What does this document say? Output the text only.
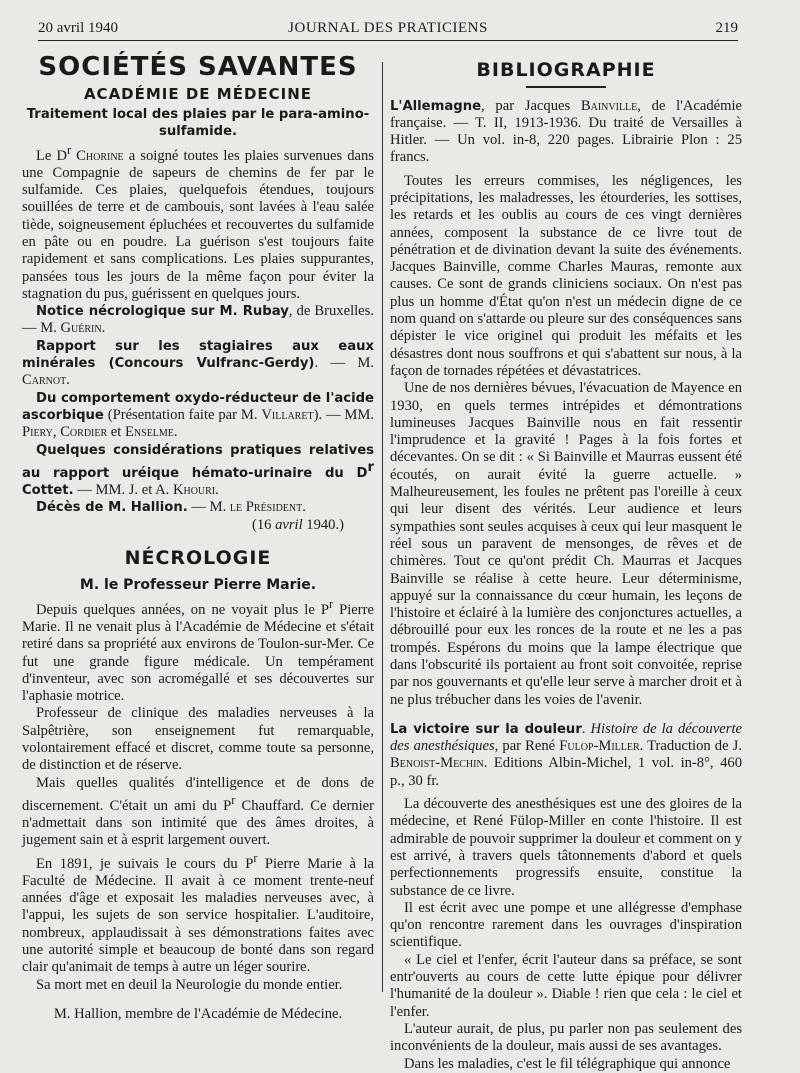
20 avril 1940	JOURNAL DES PRATICIENS	219
SOCIÉTÉS SAVANTES
ACADÉMIE DE MÉDECINE

Traitement local des plaies par le para-amino-sulfamide.

Le $D^r$ Chorine a soigné toutes les plaies survenues dans une Compagnie de sapeurs de chemins de fer par le sulfamide. Ces plaies, quelquefois étendues, toujours souillées de terre et de cambouis, sont lavées à l'eau salée tiède, soigneusement épluchées et recouvertes du sulfamide en pâte ou en poudre. La guérison s'est toujours faite rapidement et sans complications. Les plaies suppurantes, pansées tous les jours de la même façon pour éviter la stagnation du pus, guérissent en quelques jours.

Notice nécrologique sur M. Rubay, de Bruxelles. — M. Guérin.

Rapport sur les stagiaires aux eaux minérales (Concours Vulfranc-Gerdy). — M. Carnot.

Du comportement oxydo-réducteur de l'acide ascorbique (Présentation faite par M. Villaret). — MM. Piery, Cordier et Enselme.

Quelques considérations pratiques relatives au rapport uréique hémato-urinaire du $D^r$ Cottet. — MM. J. et A. Khouri.

Décès de M. Hallion. — M. le Président.

(16 avril 1940.)

NÉCROLOGIE
M. le Professeur Pierre Marie.

Depuis quelques années, on ne voyait plus le $P^r$ Pierre Marie. Il ne venait plus à l'Académie de Médecine et s'était retiré dans sa propriété aux environs de Toulon-sur-Mer. Ce fut une grande figure médicale. Un tempérament d'inventeur, avec son acromégallé et ses découvertes sur l'aphasie motrice.

Professeur de clinique des maladies nerveuses à la Salpêtrière, son enseignement fut remarquable, volontairement effacé et discret, comme toute sa personne, de distinction et de réserve.

Mais quelles qualités d'intelligence et de dons de discernement. C'était un ami du $P^r$ Chauffard. Ce dernier n'admettait dans son intimité que des âmes droites, à jugement sain et à esprit largement ouvert.

En 1891, je suivais le cours du $P^r$ Pierre Marie à la Faculté de Médecine. Il avait à ce moment trente-neuf années d'âge et exposait les maladies nerveuses avec, à l'appui, les sujets de son service hospitalier. L'auditoire, nombreux, applaudissait à ses démonstrations faites avec une autorité simple et beaucoup de bonté dans son regard clair qu'animait de temps à autre un léger sourire.

Sa mort met en deuil la Neurologie du monde entier.

M. Hallion, membre de l'Académie de Médecine.

BIBLIOGRAPHIE

L'Allemagne, par Jacques Bainville, de l'Académie française. — T. II, 1913-1936. Du traité de Versailles à Hitler. — Un vol. in-8, 220 pages. Librairie Plon : 25 francs.

Toutes les erreurs commises, les négligences, les précipitations, les maladresses, les étourderies, les sottises, les retards et les oublis au cours de ces vingt dernières années, composent la substance de ce livre tout de pénétration et de divination devant la suite des événements. Jacques Bainville, comme Charles Mauras, remonte aux causes. Ce sont de grands cliniciens sociaux. On n'est pas plus un homme d'État qu'on n'est un médecin digne de ce nom quand on s'attarde ou pleure sur des conséquences sans dépister le vice originel qui produit les méfaits et les désastres dont nous souffrons et qui s'abattent sur nous, à la façon de tornades répétées et dévastatrices.

Une de nos dernières bévues, l'évacuation de Mayence en 1930, en quels termes intrépides et démontrations lumineuses Jacques Bainville nous en fait ressentir l'imprudence et la gravité ! Pages à la fois fortes et décevantes. On se dit : « Si Bainville et Maurras eussent été écoutés, on aurait évité la guerre actuelle. » Malheureusement, les foules ne prêtent pas l'oreille à ceux qui leur disent des vérités. Leur audience et leurs sympathies sont seules acquises à ceux qui leur masquent le réel sous un paravent de mensonges, de rêves et de chimères. Tout ce qu'ont prédit Ch. Maurras et Jacques Bainville se réalise à cette heure. Leur déterminisme, appuyé sur la connaissance du cœur humain, les leçons de l'histoire et éclairé à la lumière des conjonctures actuelles, a débrouillé pour eux les ronces de la route et ne les a pas trompés. Espérons du moins que la lampe électrique que dans l'obscurité ils portaient au front soit convoitée, reprise par nos gouvernants et qu'elle leur serve à marcher droit et à ne plus trébucher dans les voies de l'avenir.

La victoire sur la douleur. Histoire de la découverte des anesthésiques, par René Fulop-Miller. Traduction de J. Benoist-Mechin. Editions Albin-Michel, 1 vol. in-8°, 460 p., 30 fr.

La découverte des anesthésiques est une des gloires de la médecine, et René Fülop-Miller en conte l'histoire. Il est admirable de pouvoir supprimer la douleur et comment on y est arrivé, à travers quels tâtonnements d'abord et quels perfectionnements progressifs ensuite, constitue la substance de ce livre.

Il est écrit avec une pompe et une allégresse d'emphase qu'on rencontre rarement dans les ouvrages d'inspiration scientifique.

« Le ciel et l'enfer, écrit l'auteur dans sa préface, se sont entr'ouverts au cours de cette lutte épique pour délivrer l'humanité de la douleur ». Diable ! rien que cela : le ciel et l'enfer.

L'auteur aurait, de plus, pu parler non pas seulement des inconvénients de la douleur, mais aussi de ses avantages.

Dans les maladies, c'est le fil télégraphique qui annonce
